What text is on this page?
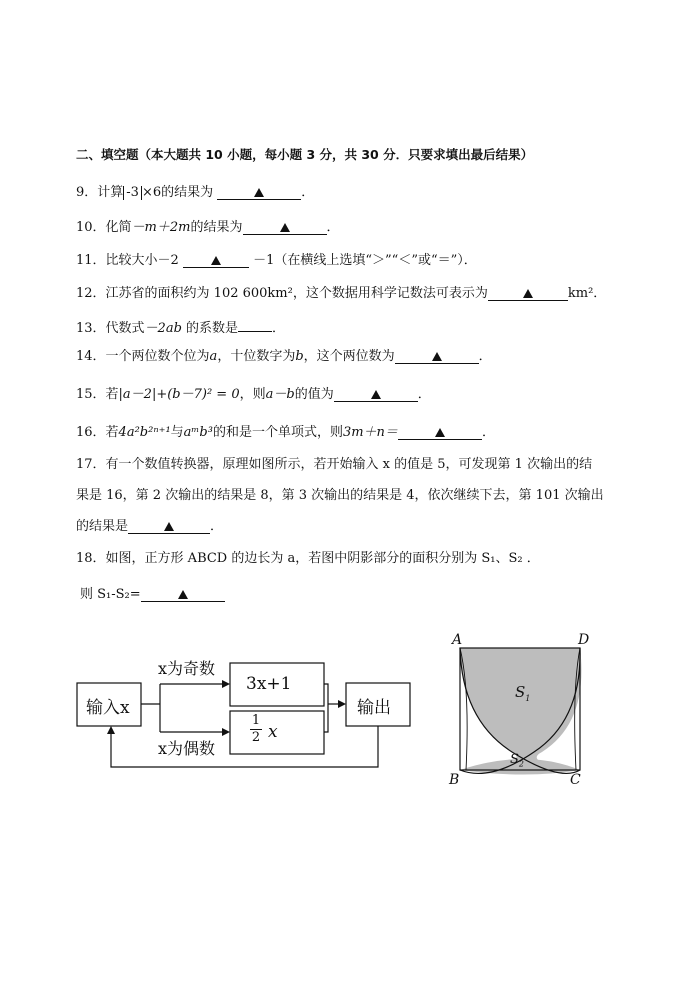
二、填空题（本大题共 10 小题，每小题 3 分，共 30 分．只要求填出最后结果）
9．计算 -3 ×6的结果为	．
10．化简－m＋2m的结果为	．
11．比较大小－2	－1（在横线上选填“＞”“＜”或“＝”）．
12．江苏省的面积约为 102 600km²，这个数据用科学记数法可表示为	km²．
13．代数式－2ab 的系数是	．
14．一个两位数个位为a，十位数字为b，这个两位数为	．
15．若|a－2|+(b－7)² = 0，则a－b的值为	．
16．若4a²b²ⁿ⁺¹与aᵐb³的和是一个单项式，则3m＋n＝	．
17．有一个数值转换器，原理如图所示，若开始输入 x 的值是 5，可发现第 1 次输出的结
果是 16，第 2 次输出的结果是 8，第 3 次输出的结果是 4，依次继续下去，第 101 次输出
的结果是	．
18．如图，正方形 ABCD 的边长为 a，若图中阴影部分的面积分别为 S₁、S₂ ．
则 S₁-S₂=
输入x
x为奇数
x为偶数
3x+1
$\frac{1}{2}$ x
输出
A	D
B	C
$S_1$
$S_2$
